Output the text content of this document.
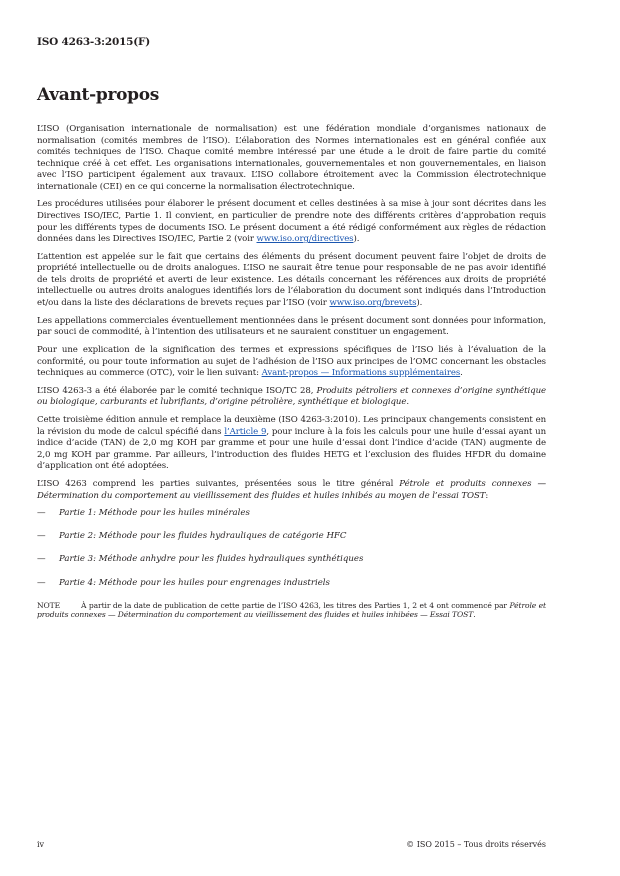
ISO 4263-3:2015(F)
Avant-propos

L’ISO (Organisation internationale de normalisation) est une fédération mondiale d’organismes nationaux de normalisation (comités membres de l’ISO). L’élaboration des Normes internationales est en général confiée aux comités techniques de l’ISO. Chaque comité membre intéressé par une étude a le droit de faire partie du comité technique créé à cet effet. Les organisations internationales, gouvernementales et non gouvernementales, en liaison avec l’ISO participent également aux travaux. L’ISO collabore étroitement avec la Commission électrotechnique internationale (CEI) en ce qui concerne la normalisation électrotechnique.

Les procédures utilisées pour élaborer le présent document et celles destinées à sa mise à jour sont décrites dans les Directives ISO/IEC, Partie 1. Il convient, en particulier de prendre note des différents critères d’approbation requis pour les différents types de documents ISO. Le présent document a été rédigé conformément aux règles de rédaction données dans les Directives ISO/IEC, Partie 2 (voir www.iso.org/directives).

L’attention est appelée sur le fait que certains des éléments du présent document peuvent faire l’objet de droits de propriété intellectuelle ou de droits analogues. L’ISO ne saurait être tenue pour responsable de ne pas avoir identifié de tels droits de propriété et averti de leur existence. Les détails concernant les références aux droits de propriété intellectuelle ou autres droits analogues identifiés lors de l’élaboration du document sont indiqués dans l’Introduction et/ou dans la liste des déclarations de brevets reçues par l’ISO (voir www.iso.org/brevets).

Les appellations commerciales éventuellement mentionnées dans le présent document sont données pour information, par souci de commodité, à l’intention des utilisateurs et ne sauraient constituer un engagement.

Pour une explication de la signification des termes et expressions spécifiques de l’ISO liés à l’évaluation de la conformité, ou pour toute information au sujet de l’adhésion de l’ISO aux principes de l’OMC concernant les obstacles techniques au commerce (OTC), voir le lien suivant: Avant-propos — Informations supplémentaires.

L’ISO 4263-3 a été élaborée par le comité technique ISO/TC 28, Produits pétroliers et connexes d’origine synthétique ou biologique, carburants et lubrifiants, d’origine pétrolière, synthétique et biologique.

Cette troisième édition annule et remplace la deuxième (ISO 4263-3:2010). Les principaux changements consistent en la révision du mode de calcul spécifié dans l’Article 9, pour inclure à la fois les calculs pour une huile d’essai ayant un indice d’acide (TAN) de 2,0 mg KOH par gramme et pour une huile d’essai dont l’indice d’acide (TAN) augmente de 2,0 mg KOH par gramme. Par ailleurs, l’introduction des fluides HETG et l’exclusion des fluides HFDR du domaine d’application ont été adoptées.

L’ISO 4263 comprend les parties suivantes, présentées sous le titre général Pétrole et produits connexes — Détermination du comportement au vieillissement des fluides et huiles inhibés au moyen de l’essai TOST:

—	Partie 1: Méthode pour les huiles minérales
—	Partie 2: Méthode pour les fluides hydrauliques de catégorie HFC
—	Partie 3: Méthode anhydre pour les fluides hydrauliques synthétiques
—	Partie 4: Méthode pour les huiles pour engrenages industriels

NOTE	À partir de la date de publication de cette partie de l’ISO 4263, les titres des Parties 1, 2 et 4 ont commencé par Pétrole et produits connexes — Détermination du comportement au vieillissement des fluides et huiles inhibées — Essai TOST.

iv	© ISO 2015 – Tous droits réservés
